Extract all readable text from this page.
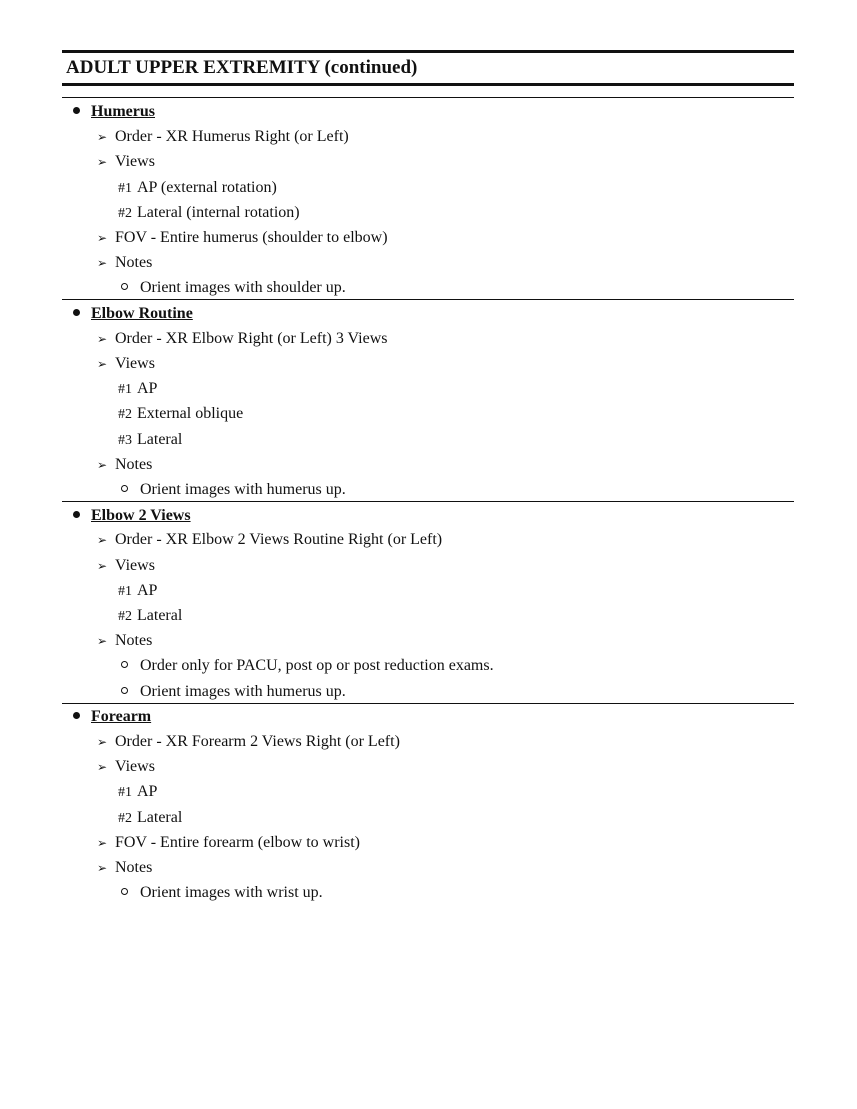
ADULT UPPER EXTREMITY (continued)
Humerus
➢ Order - XR Humerus Right (or Left)
➢ Views
#1 AP (external rotation)
#2 Lateral (internal rotation)
➢ FOV - Entire humerus (shoulder to elbow)
➢ Notes
Orient images with shoulder up.
Elbow Routine
➢ Order - XR Elbow Right (or Left) 3 Views
➢ Views
#1 AP
#2 External oblique
#3 Lateral
➢ Notes
Orient images with humerus up.
Elbow 2 Views
➢ Order - XR Elbow 2 Views Routine Right (or Left)
➢ Views
#1 AP
#2 Lateral
➢ Notes
Order only for PACU, post op or post reduction exams.
Orient images with humerus up.
Forearm
➢ Order - XR Forearm 2 Views Right (or Left)
➢ Views
#1 AP
#2 Lateral
➢ FOV - Entire forearm (elbow to wrist)
➢ Notes
Orient images with wrist up.
